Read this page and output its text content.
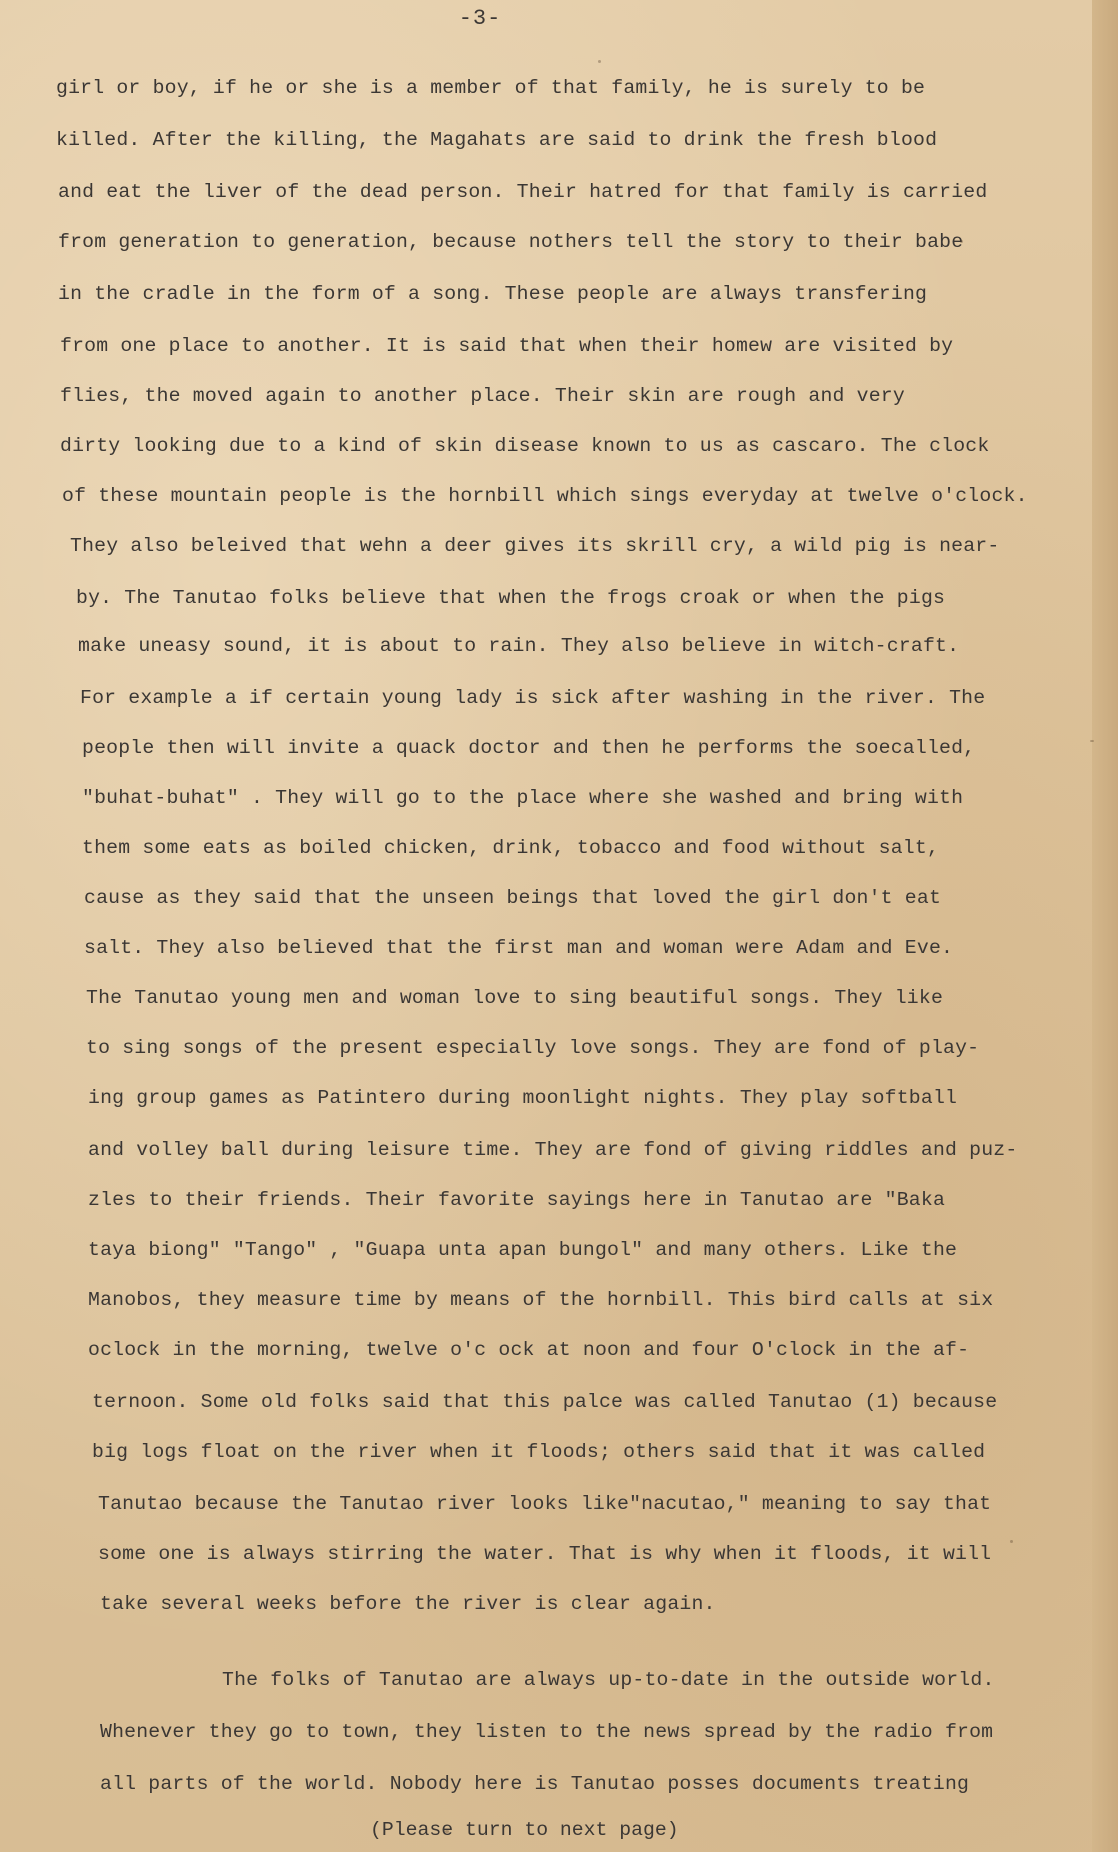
-3-
girl or boy, if he or she is a member of that family, he is surely to be
killed. After the killing, the Magahats are said to drink the fresh blood
and eat the liver of the dead person. Their hatred for that family is carried
from generation to generation, because nothers tell the story to their babe
in the cradle in the form of a song. These people are always transfering
from one place to another. It is said that when their homew are visited by
flies, the moved again to another place. Their skin are rough and very
dirty looking due to a kind of skin disease known to us as cascaro. The clock
of these mountain people is the hornbill which sings everyday at twelve o'clock.
They also beleived that wehn a deer gives its skrill cry, a wild pig is near-
by. The Tanutao folks believe that when the frogs croak or when the pigs
make uneasy sound, it is about to rain. They also believe in witch-craft.
For example a if certain young lady is sick after washing in the river. The
people then will invite a quack doctor and then he performs the soecalled,
"buhat-buhat" . They will go to the place where she washed and bring with
them some eats as boiled chicken, drink, tobacco and food without salt,
cause as they said that the unseen beings that loved the girl don't eat
salt. They also believed that the first man and woman were Adam and Eve.
The Tanutao young men and woman love to sing beautiful songs. They like
to sing songs of the present especially love songs. They are fond of play-
ing group games as Patintero during moonlight nights. They play softball
and volley ball during leisure time. They are fond of giving riddles and puz-
zles to their friends. Their favorite sayings here in Tanutao are "Baka
taya biong" "Tango" , "Guapa unta apan bungol" and many others. Like the
Manobos, they measure time by means of the hornbill. This bird calls at six
oclock in the morning, twelve o'c ock at noon and four O'clock in the af-
ternoon. Some old folks said that this palce was called Tanutao (1) because
big logs float on the river when it floods; others said that it was called
Tanutao because the Tanutao river looks like"nacutao," meaning to say that
some one is always stirring the water. That is why when it floods, it will
take several weeks before the river is clear again.
The folks of Tanutao are always up-to-date in the outside world.
Whenever they go to town, they listen to the news spread by the radio from
all parts of the world. Nobody here is Tanutao posses documents treating
(Please turn to next page)
